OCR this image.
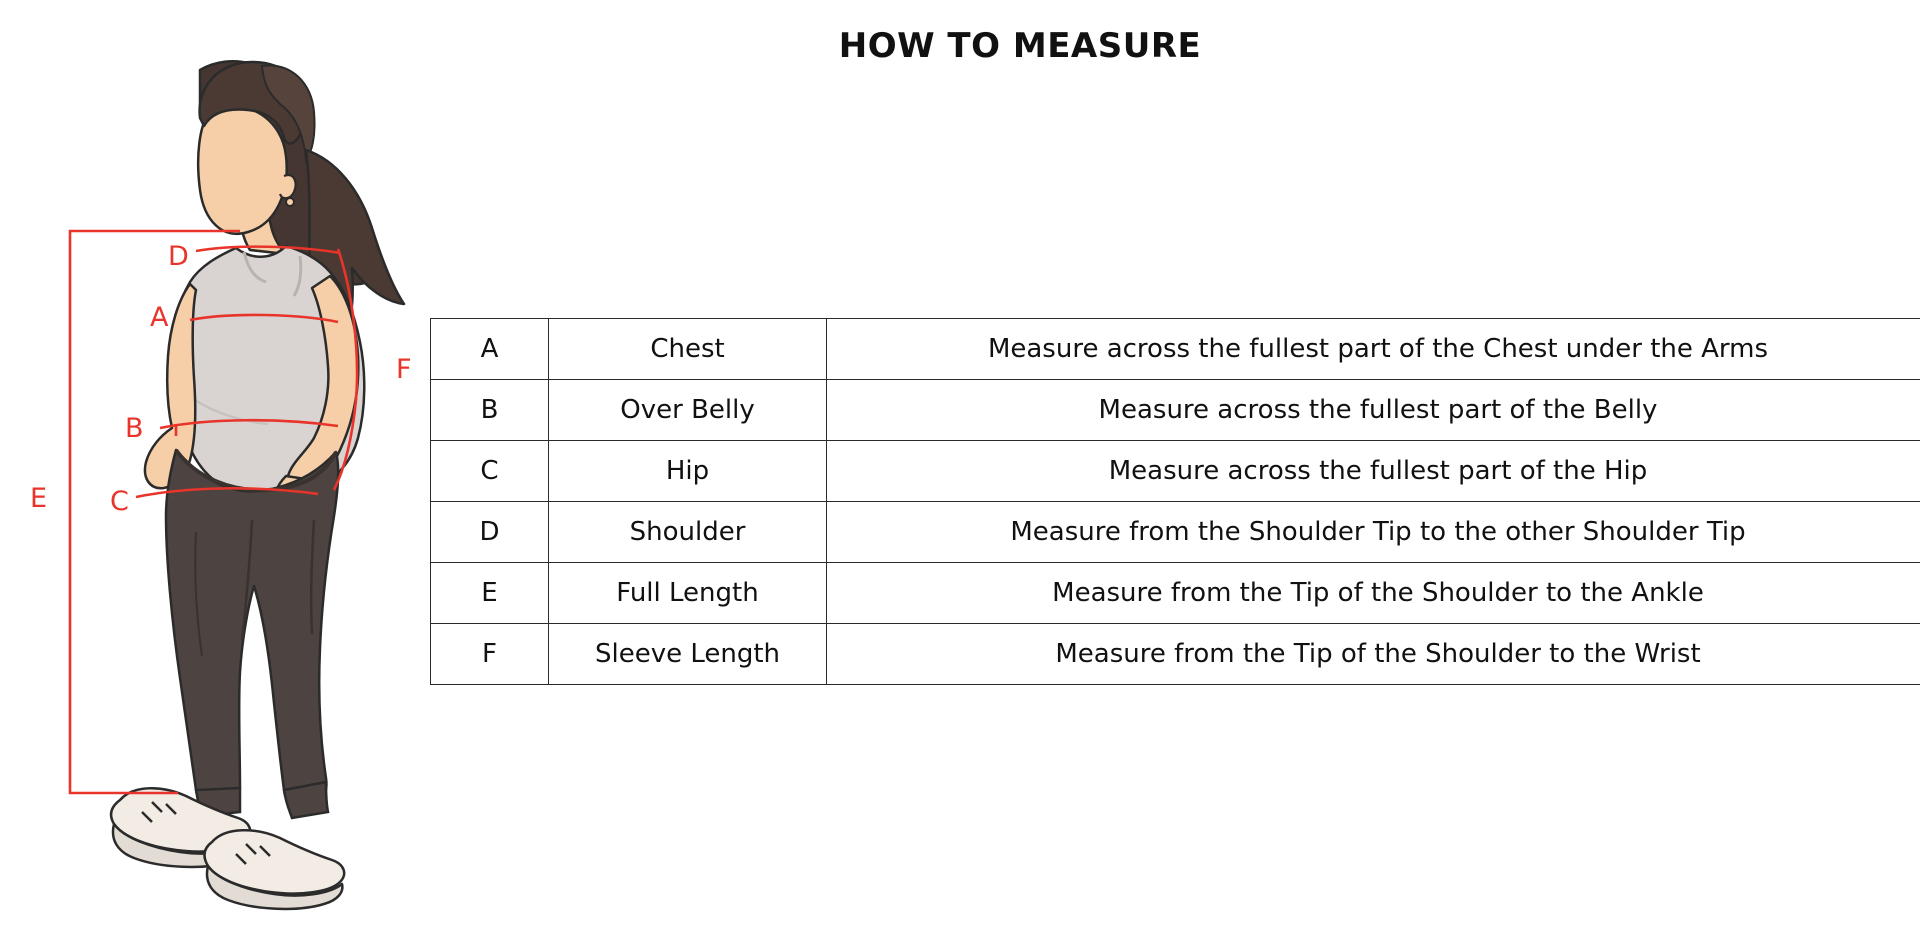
HOW TO MEASURE
A
B
C
D
E
F
A	Chest	Measure across the fullest part of the Chest under the Arms
B	Over Belly	Measure across the fullest part of the Belly
C	Hip	Measure across the fullest part of the Hip
D	Shoulder	Measure from the Shoulder Tip to the other Shoulder Tip
E	Full Length	Measure from the Tip of the Shoulder to the Ankle
F	Sleeve Length	Measure from the Tip of the Shoulder to the Wrist
